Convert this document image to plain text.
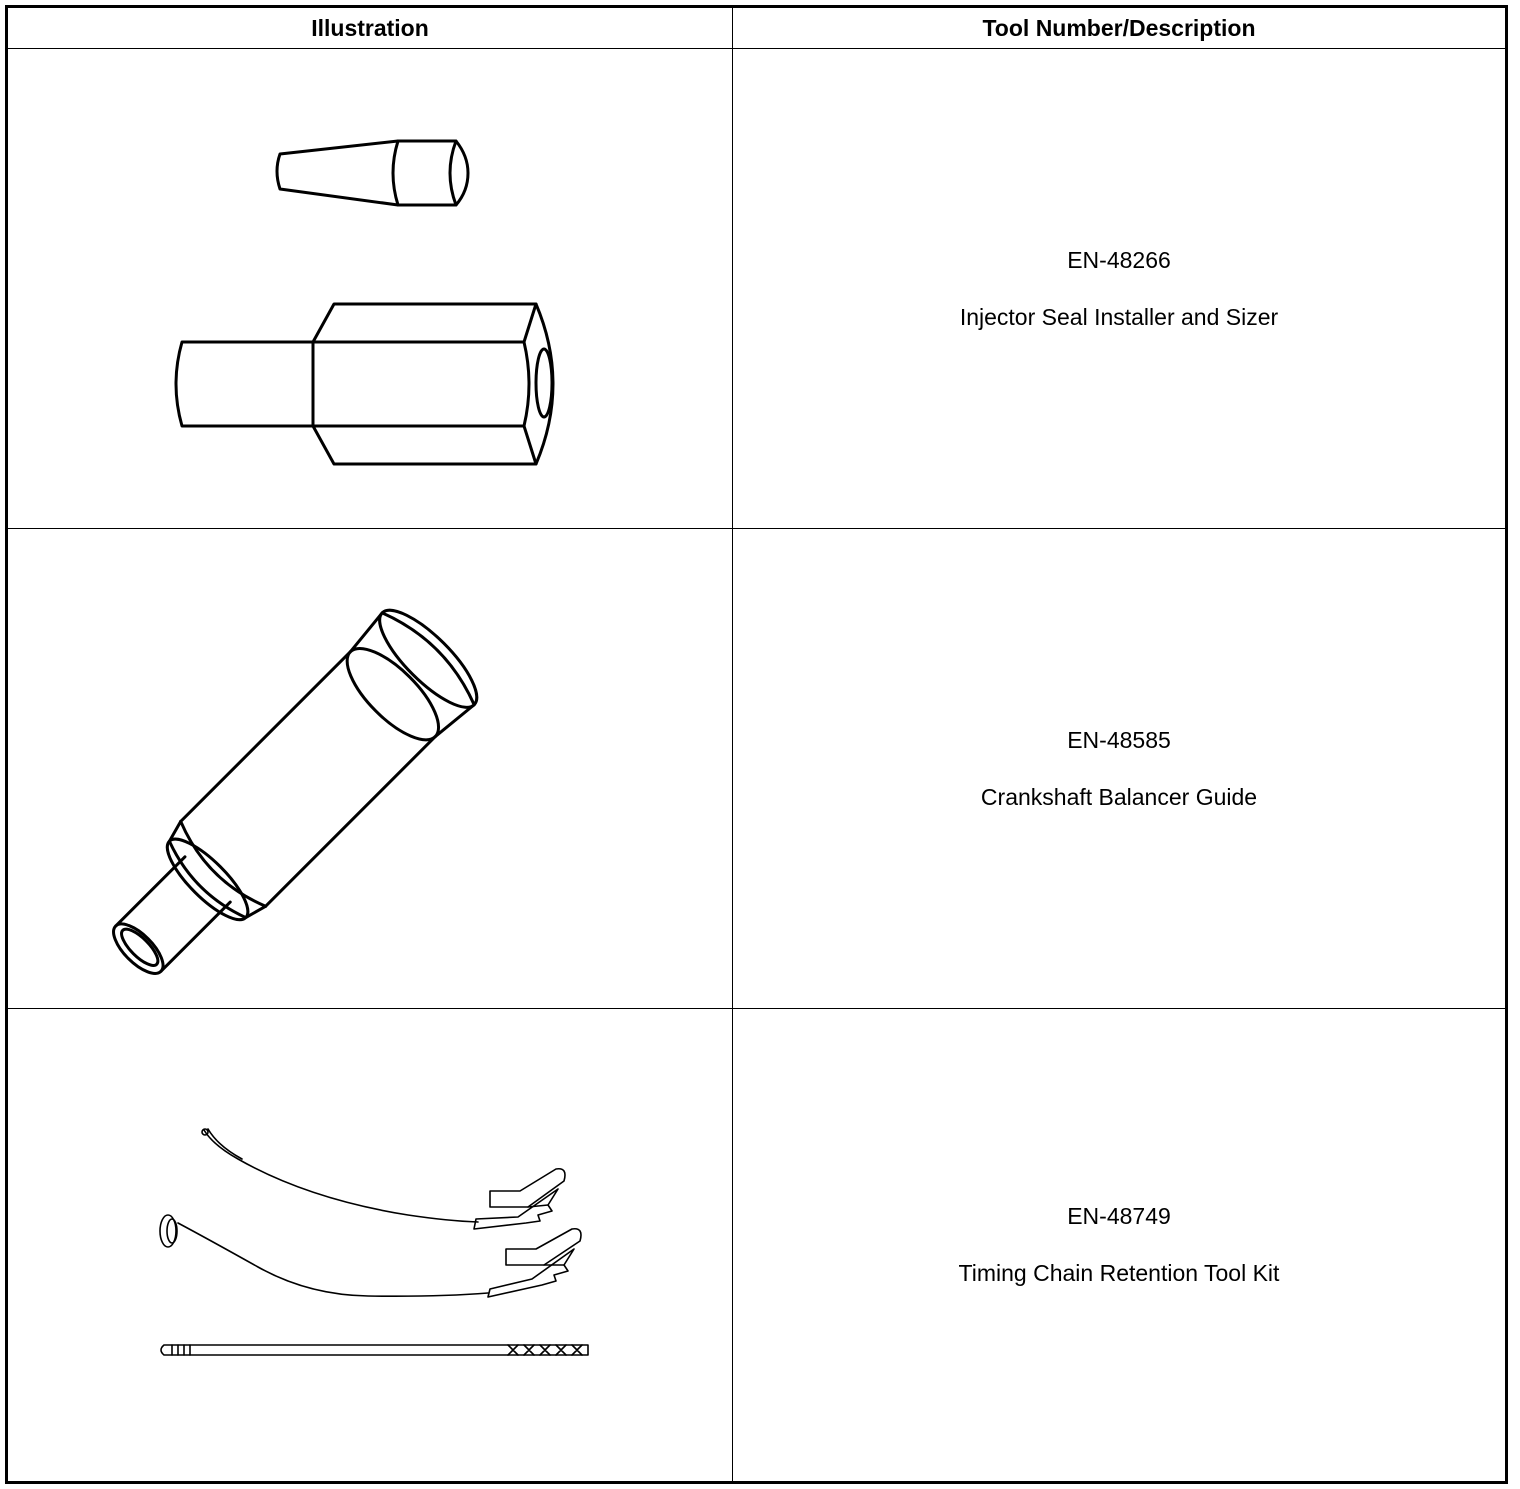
Illustration	Tool Number/Description

EN-48266
Injector Seal Installer and Sizer

EN-48585
Crankshaft Balancer Guide

EN-48749
Timing Chain Retention Tool Kit
